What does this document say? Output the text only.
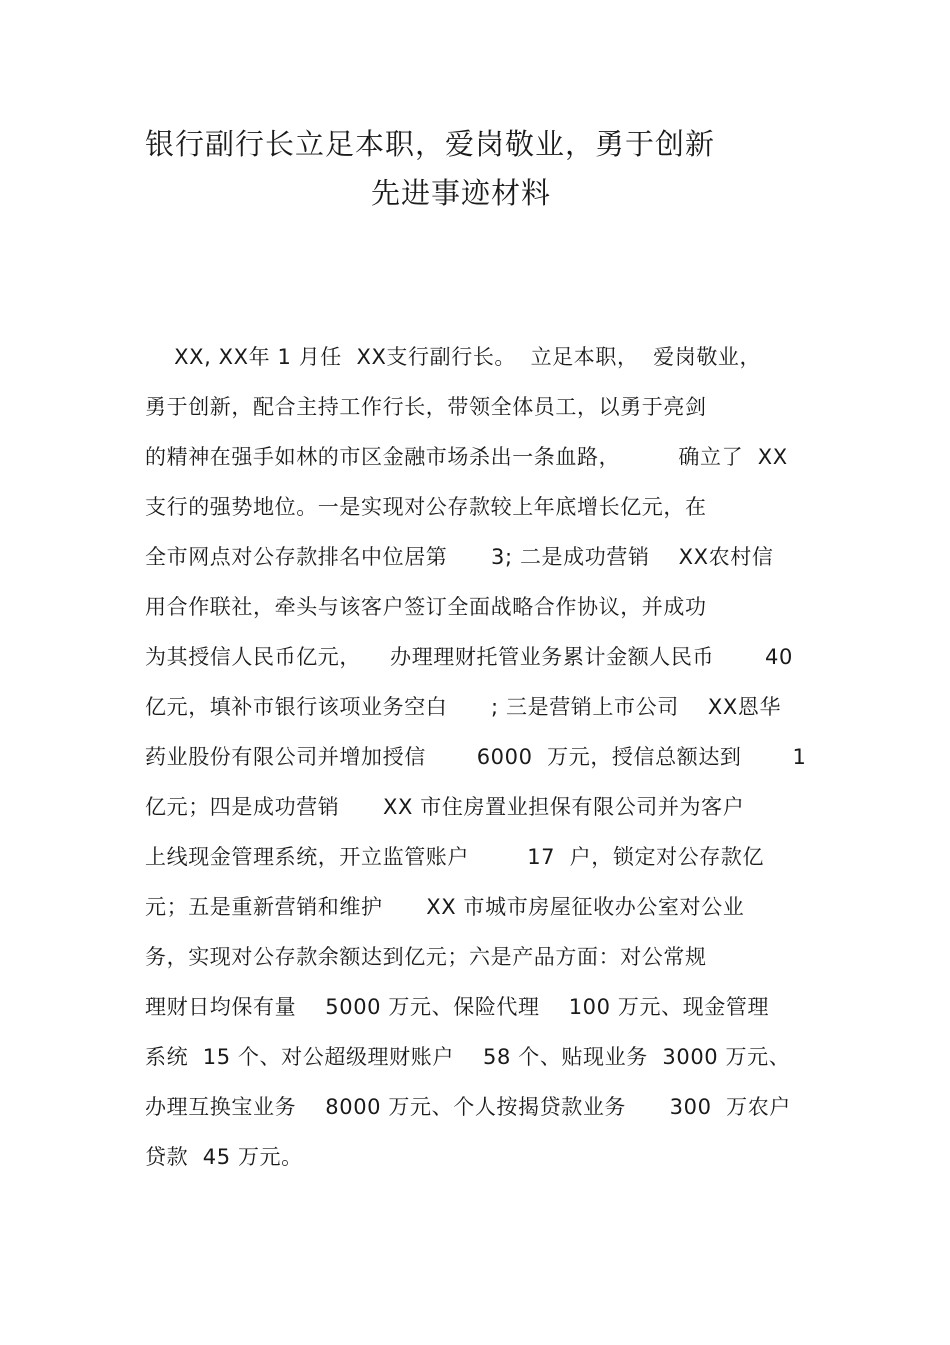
银行副行长立足本职，爱岗敬业，勇于创新
先进事迹材料
XX, XX年 1 月任  XX支行副行长。  立足本职，  爱岗敬业，
勇于创新，配合主持工作行长，带领全体员工，以勇于亮剑
的精神在强手如林的市区金融市场杀出一条血路，        确立了  XX
支行的强势地位。一是实现对公存款较上年底增长亿元，在
全市网点对公存款排名中位居第      3; 二是成功营销    XX农村信
用合作联社，牵头与该客户签订全面战略合作协议，并成功
为其授信人民币亿元，    办理理财托管业务累计金额人民币       40
亿元，填补市银行该项业务空白      ; 三是营销上市公司    XX恩华
药业股份有限公司并增加授信       6000  万元，授信总额达到       1
亿元；四是成功营销      XX 市住房置业担保有限公司并为客户
上线现金管理系统，开立监管账户        17  户，锁定对公存款亿
元；五是重新营销和维护      XX 市城市房屋征收办公室对公业
务，实现对公存款余额达到亿元；六是产品方面：对公常规
理财日均保有量    5000 万元、保险代理    100 万元、现金管理
系统  15 个、对公超级理财账户    58 个、贴现业务  3000 万元、
办理互换宝业务    8000 万元、个人按揭贷款业务      300  万农户
贷款  45 万元。
